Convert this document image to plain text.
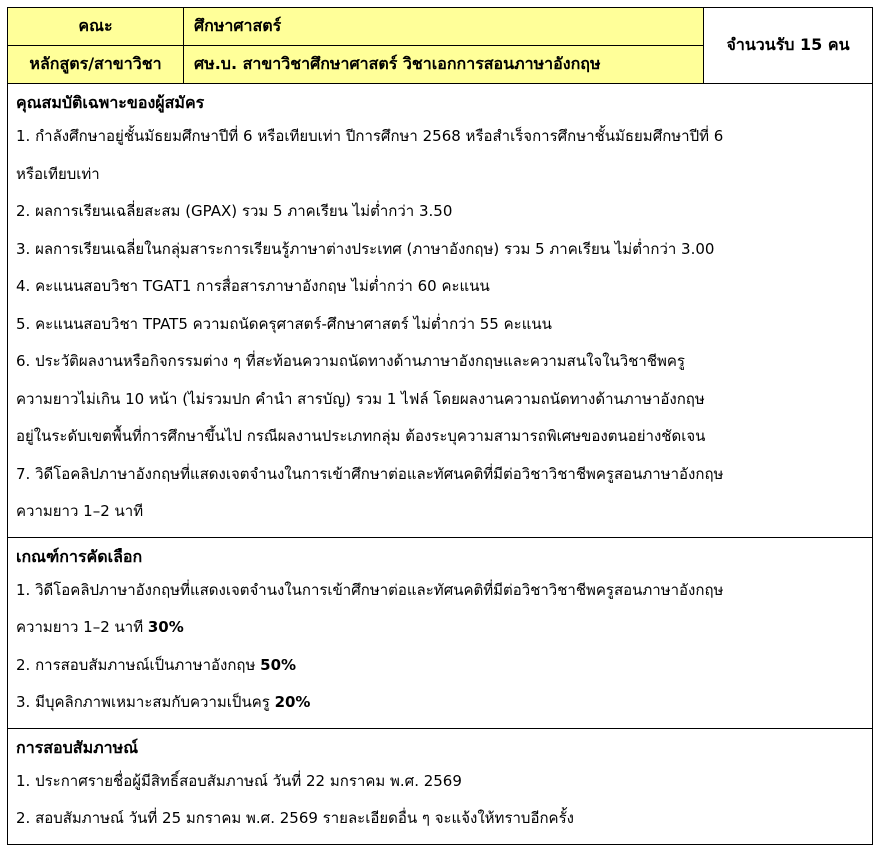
คณะ	ศึกษาศาสตร์
หลักสูตร/สาขาวิชา	ศษ.บ. สาขาวิชาศึกษาศาสตร์ วิชาเอกการสอนภาษาอังกฤษ
จำนวนรับ 15 คน
คุณสมบัติเฉพาะของผู้สมัคร
1. กำลังศึกษาอยู่ชั้นมัธยมศึกษาปีที่ 6 หรือเทียบเท่า ปีการศึกษา 2568 หรือสำเร็จการศึกษาชั้นมัธยมศึกษาปีที่ 6
หรือเทียบเท่า
2. ผลการเรียนเฉลี่ยสะสม (GPAX) รวม 5 ภาคเรียน ไม่ต่ำกว่า 3.50
3. ผลการเรียนเฉลี่ยในกลุ่มสาระการเรียนรู้ภาษาต่างประเทศ (ภาษาอังกฤษ) รวม 5 ภาคเรียน ไม่ต่ำกว่า 3.00
4. คะแนนสอบวิชา TGAT1 การสื่อสารภาษาอังกฤษ ไม่ต่ำกว่า 60 คะแนน
5. คะแนนสอบวิชา TPAT5 ความถนัดครุศาสตร์-ศึกษาศาสตร์ ไม่ต่ำกว่า 55 คะแนน
6. ประวัติผลงานหรือกิจกรรมต่าง ๆ ที่สะท้อนความถนัดทางด้านภาษาอังกฤษและความสนใจในวิชาชีพครู
ความยาวไม่เกิน 10 หน้า (ไม่รวมปก คำนำ สารบัญ) รวม 1 ไฟล์ โดยผลงานความถนัดทางด้านภาษาอังกฤษ
อยู่ในระดับเขตพื้นที่การศึกษาขึ้นไป กรณีผลงานประเภทกลุ่ม ต้องระบุความสามารถพิเศษของตนอย่างชัดเจน
7. วิดีโอคลิปภาษาอังกฤษที่แสดงเจตจำนงในการเข้าศึกษาต่อและทัศนคติที่มีต่อวิชาวิชาชีพครูสอนภาษาอังกฤษ
ความยาว 1–2 นาที
เกณฑ์การคัดเลือก
1. วิดีโอคลิปภาษาอังกฤษที่แสดงเจตจำนงในการเข้าศึกษาต่อและทัศนคติที่มีต่อวิชาวิชาชีพครูสอนภาษาอังกฤษ
ความยาว 1–2 นาที 30%
2. การสอบสัมภาษณ์เป็นภาษาอังกฤษ 50%
3. มีบุคลิกภาพเหมาะสมกับความเป็นครู 20%
การสอบสัมภาษณ์
1. ประกาศรายชื่อผู้มีสิทธิ์สอบสัมภาษณ์ วันที่ 22 มกราคม พ.ศ. 2569
2. สอบสัมภาษณ์ วันที่ 25 มกราคม พ.ศ. 2569 รายละเอียดอื่น ๆ จะแจ้งให้ทราบอีกครั้ง
